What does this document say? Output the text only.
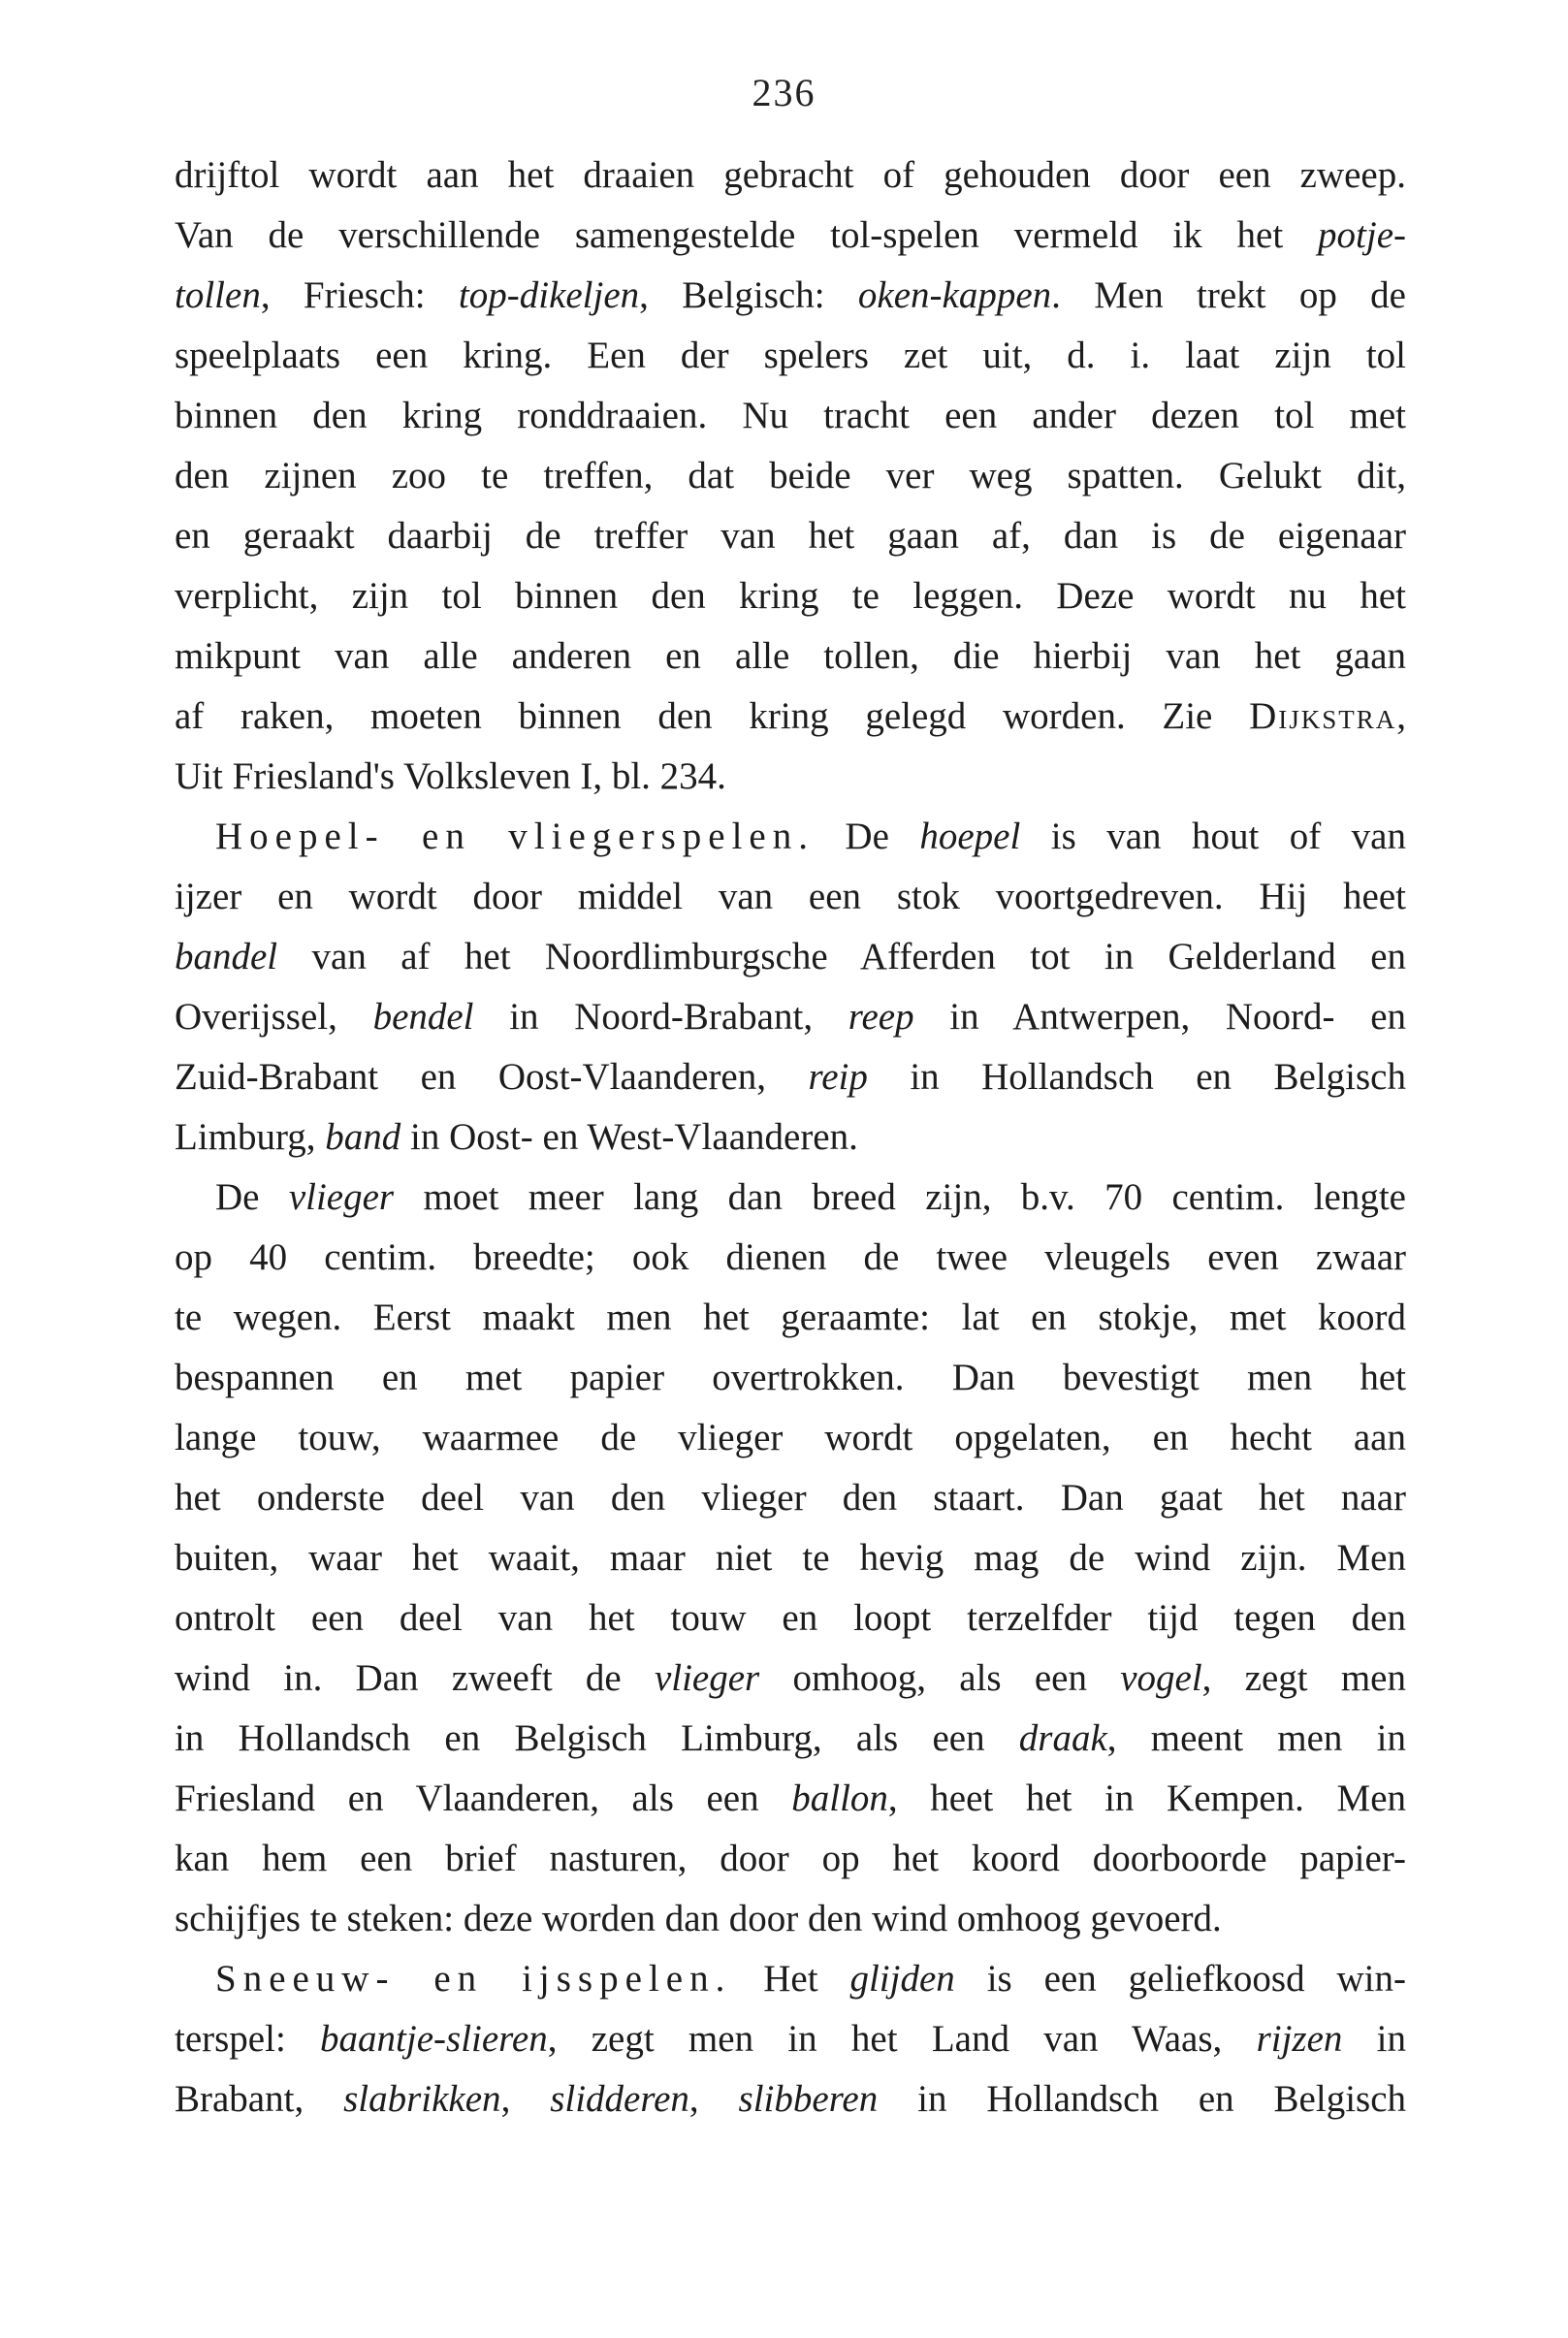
236
drijftol wordt aan het draaien gebracht of gehouden door een zweep.
Van de verschillende samengestelde tol-spelen vermeld ik het potje-
tollen, Friesch: top-dikeljen, Belgisch: oken-kappen. Men trekt op de
speelplaats een kring. Een der spelers zet uit, d. i. laat zijn tol
binnen den kring ronddraaien. Nu tracht een ander dezen tol met
den zijnen zoo te treffen, dat beide ver weg spatten. Gelukt dit,
en geraakt daarbij de treffer van het gaan af, dan is de eigenaar
verplicht, zijn tol binnen den kring te leggen. Deze wordt nu het
mikpunt van alle anderen en alle tollen, die hierbij van het gaan
af raken, moeten binnen den kring gelegd worden. Zie Dijkstra,
Uit Friesland's Volksleven I, bl. 234.
Hoepel- en vliegerspelen. De hoepel is van hout of van
ijzer en wordt door middel van een stok voortgedreven. Hij heet
bandel van af het Noordlimburgsche Afferden tot in Gelderland en
Overijssel, bendel in Noord-Brabant, reep in Antwerpen, Noord- en
Zuid-Brabant en Oost-Vlaanderen, reip in Hollandsch en Belgisch
Limburg, band in Oost- en West-Vlaanderen.
De vlieger moet meer lang dan breed zijn, b.v. 70 centim. lengte
op 40 centim. breedte; ook dienen de twee vleugels even zwaar
te wegen. Eerst maakt men het geraamte: lat en stokje, met koord
bespannen en met papier overtrokken. Dan bevestigt men het
lange touw, waarmee de vlieger wordt opgelaten, en hecht aan
het onderste deel van den vlieger den staart. Dan gaat het naar
buiten, waar het waait, maar niet te hevig mag de wind zijn. Men
ontrolt een deel van het touw en loopt terzelfder tijd tegen den
wind in. Dan zweeft de vlieger omhoog, als een vogel, zegt men
in Hollandsch en Belgisch Limburg, als een draak, meent men in
Friesland en Vlaanderen, als een ballon, heet het in Kempen. Men
kan hem een brief nasturen, door op het koord doorboorde papier-
schijfjes te steken: deze worden dan door den wind omhoog gevoerd.
Sneeuw- en ijsspelen. Het glijden is een geliefkoosd win-
terspel: baantje-slieren, zegt men in het Land van Waas, rijzen in
Brabant, slabrikken, slidderen, slibberen in Hollandsch en Belgisch
